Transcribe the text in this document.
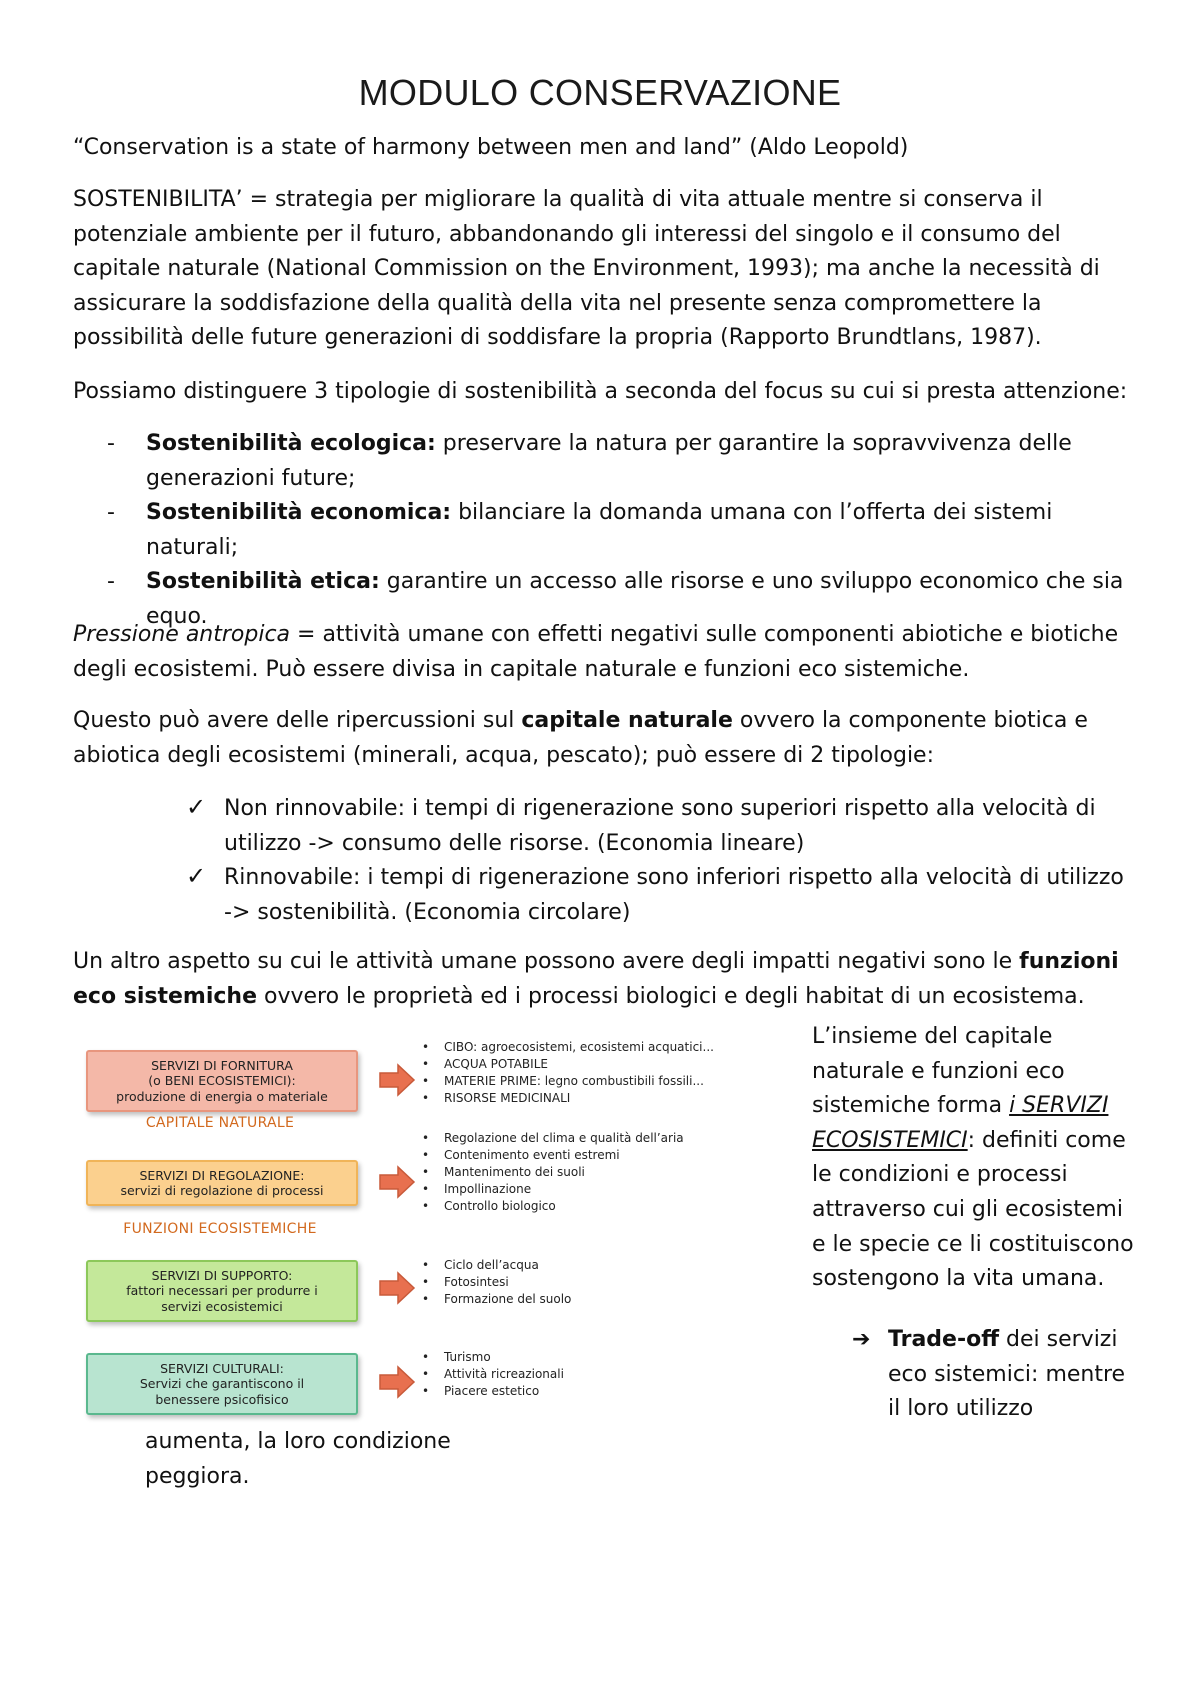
MODULO CONSERVAZIONE

“Conservation is a state of harmony between men and land” (Aldo Leopold)

SOSTENIBILITA’ = strategia per migliorare la qualità di vita attuale mentre si conserva il potenziale ambiente per il futuro, abbandonando gli interessi del singolo e il consumo del capitale naturale (National Commission on the Environment, 1993); ma anche la necessità di assicurare la soddisfazione della qualità della vita nel presente senza compromettere la possibilità delle future generazioni di soddisfare la propria (Rapporto Brundtlans, 1987).

Possiamo distinguere 3 tipologie di sostenibilità a seconda del focus su cui si presta attenzione:

- Sostenibilità ecologica: preservare la natura per garantire la sopravvivenza delle generazioni future;
- Sostenibilità economica: bilanciare la domanda umana con l’offerta dei sistemi naturali;
- Sostenibilità etica: garantire un accesso alle risorse e uno sviluppo economico che sia equo.

Pressione antropica = attività umane con effetti negativi sulle componenti abiotiche e biotiche degli ecosistemi. Può essere divisa in capitale naturale e funzioni eco sistemiche.

Questo può avere delle ripercussioni sul capitale naturale ovvero la componente biotica e abiotica degli ecosistemi (minerali, acqua, pescato); può essere di 2 tipologie:

✓ Non rinnovabile: i tempi di rigenerazione sono superiori rispetto alla velocità di utilizzo -> consumo delle risorse. (Economia lineare)
✓ Rinnovabile: i tempi di rigenerazione sono inferiori rispetto alla velocità di utilizzo -> sostenibilità. (Economia circolare)

Un altro aspetto su cui le attività umane possono avere degli impatti negativi sono le funzioni eco sistemiche ovvero le proprietà ed i processi biologici e degli habitat di un ecosistema.

SERVIZI DI FORNITURA
(o BENI ECOSISTEMICI):
produzione di energia o materiale
CAPITALE NATURALE
SERVIZI DI REGOLAZIONE:
servizi di regolazione di processi
FUNZIONI ECOSISTEMICHE
SERVIZI DI SUPPORTO:
fattori necessari per produrre i
servizi ecosistemici
SERVIZI CULTURALI:
Servizi che garantiscono il
benessere psicofisico
• CIBO: agroecosistemi, ecosistemi acquatici...
• ACQUA POTABILE
• MATERIE PRIME: legno combustibili fossili...
• RISORSE MEDICINALI
• Regolazione del clima e qualità dell’aria
• Contenimento eventi estremi
• Mantenimento dei suoli
• Impollinazione
• Controllo biologico
• Ciclo dell’acqua
• Fotosintesi
• Formazione del suolo
• Turismo
• Attività ricreazionali
• Piacere estetico

L’insieme del capitale naturale e funzioni eco sistemiche forma i SERVIZI ECOSISTEMICI: definiti come le condizioni e processi attraverso cui gli ecosistemi e le specie ce li costituiscono sostengono la vita umana.

➔ Trade-off dei servizi eco sistemici: mentre il loro utilizzo

aumenta, la loro condizione peggiora.
